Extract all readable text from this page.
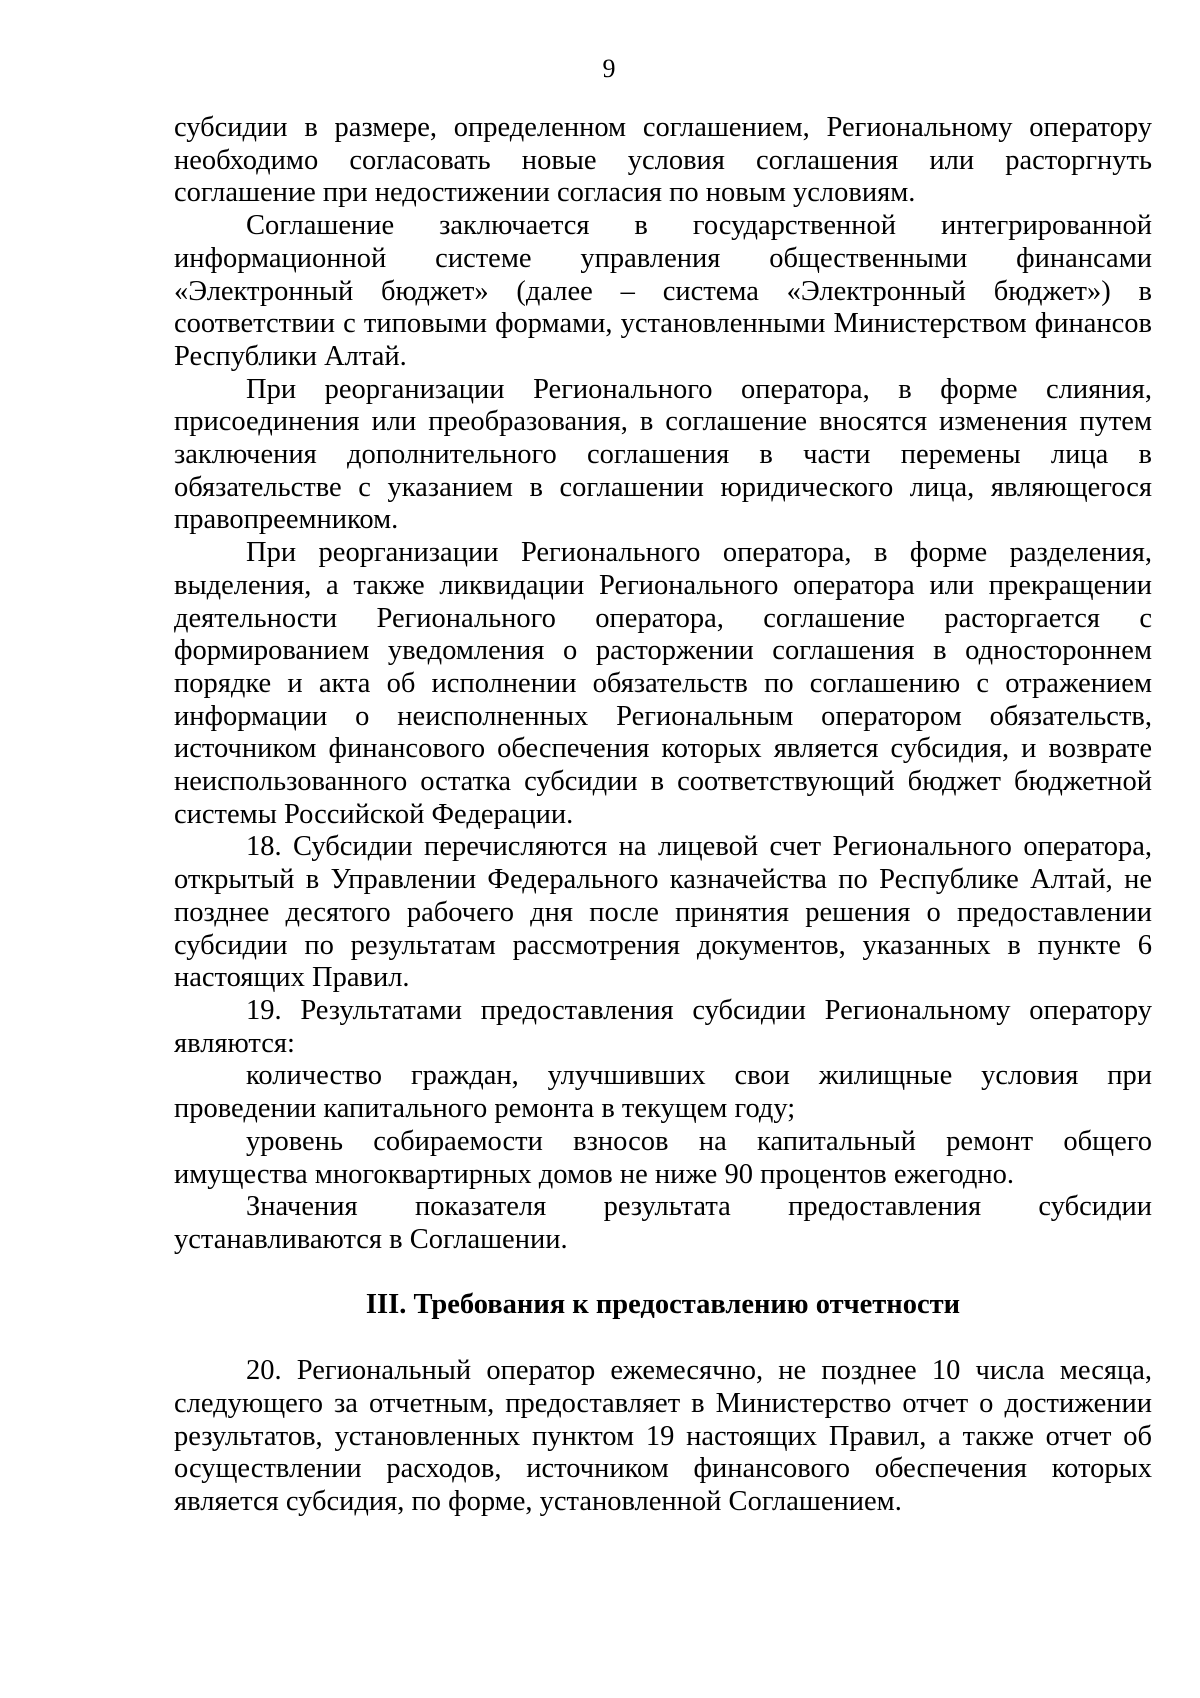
9

субсидии в размере, определенном соглашением, Региональному оператору необходимо согласовать новые условия соглашения или расторгнуть соглашение при недостижении согласия по новым условиям.

Соглашение заключается в государственной интегрированной информационной системе управления общественными финансами «Электронный бюджет» (далее – система «Электронный бюджет») в соответствии с типовыми формами, установленными Министерством финансов Республики Алтай.

При реорганизации Регионального оператора, в форме слияния, присоединения или преобразования, в соглашение вносятся изменения путем заключения дополнительного соглашения в части перемены лица в обязательстве с указанием в соглашении юридического лица, являющегося правопреемником.

При реорганизации Регионального оператора, в форме разделения, выделения, а также ликвидации Регионального оператора или прекращении деятельности Регионального оператора, соглашение расторгается с формированием уведомления о расторжении соглашения в одностороннем порядке и акта об исполнении обязательств по соглашению с отражением информации о неисполненных Региональным оператором обязательств, источником финансового обеспечения которых является субсидия, и возврате неиспользованного остатка субсидии в соответствующий бюджет бюджетной системы Российской Федерации.

18. Субсидии перечисляются на лицевой счет Регионального оператора, открытый в Управлении Федерального казначейства по Республике Алтай, не позднее десятого рабочего дня после принятия решения о предоставлении субсидии по результатам рассмотрения документов, указанных в пункте 6 настоящих Правил.

19. Результатами предоставления субсидии Региональному оператору являются:

количество граждан, улучшивших свои жилищные условия при проведении капитального ремонта в текущем году;

уровень собираемости взносов на капитальный ремонт общего имущества многоквартирных домов не ниже 90 процентов ежегодно.

Значения показателя результата предоставления субсидии устанавливаются в Соглашении.

III. Требования к предоставлению отчетности

20. Региональный оператор ежемесячно, не позднее 10 числа месяца, следующего за отчетным, предоставляет в Министерство отчет о достижении результатов, установленных пунктом 19 настоящих Правил, а также отчет об осуществлении расходов, источником финансового обеспечения которых является субсидия, по форме, установленной Соглашением.
